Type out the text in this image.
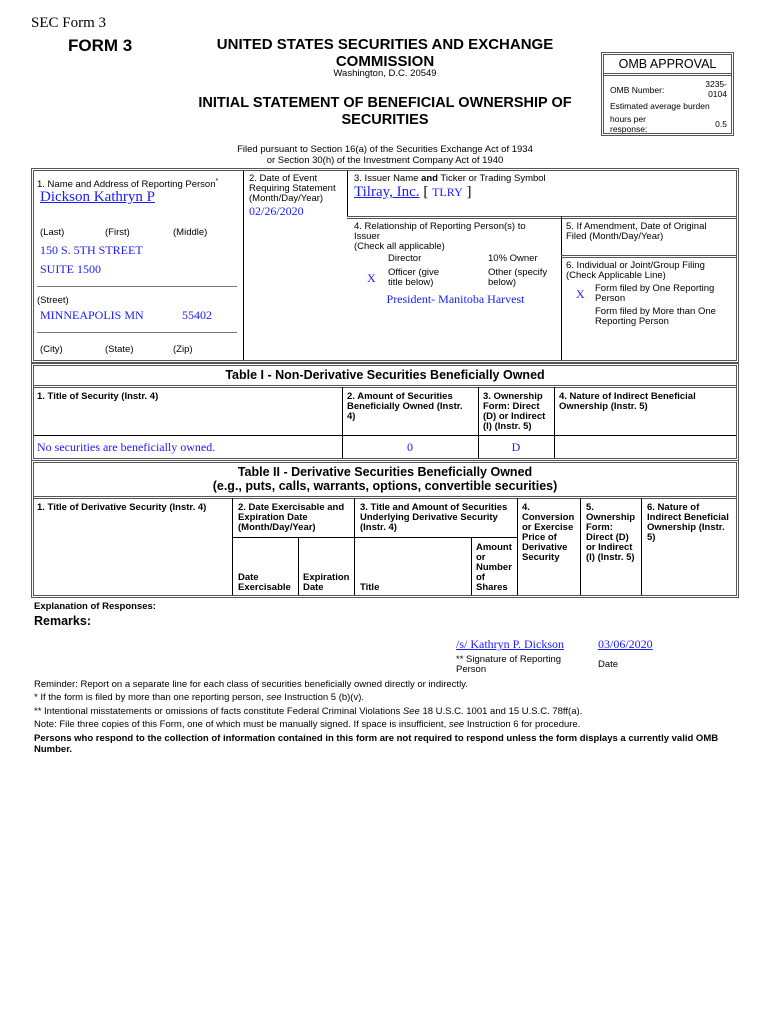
SEC Form 3
FORM 3	UNITED STATES SECURITIES AND EXCHANGE
COMMISSION
Washington, D.C. 20549
INITIAL STATEMENT OF BENEFICIAL OWNERSHIP OF
SECURITIES
Filed pursuant to Section 16(a) of the Securities Exchange Act of 1934
or Section 30(h) of the Investment Company Act of 1940
OMB APPROVAL
OMB Number:
3235-
0104
Estimated average burden
hours per
response:	0.5
1. Name and Address of Reporting Person*
Dickson Kathryn P
(Last)	(First)	(Middle)
150 S. 5TH STREET
SUITE 1500
(Street)
MINNEAPOLIS MN	55402
(City)	(State)	(Zip)
2. Date of Event
Requiring Statement
(Month/Day/Year)
02/26/2020
3. Issuer Name and Ticker or Trading Symbol
Tilray, Inc. [ TLRY ]
4. Relationship of Reporting Person(s) to
Issuer
(Check all applicable)
Director	10% Owner
X Officer (give
title below)
Other (specify
below)
President- Manitoba Harvest
5. If Amendment, Date of Original
Filed (Month/Day/Year)
6. Individual or Joint/Group Filing
(Check Applicable Line)
X Form filed by One Reporting
Person
Form filed by More than One
Reporting Person
Table I - Non-Derivative Securities Beneficially Owned
1. Title of Security (Instr. 4)	2. Amount of Securities
Beneficially Owned (Instr.
4)
3. Ownership
Form: Direct
(D) or Indirect
(I) (Instr. 5)
4. Nature of Indirect Beneficial
Ownership (Instr. 5)
No securities are beneficially owned.	0	D
Table II - Derivative Securities Beneficially Owned
(e.g., puts, calls, warrants, options, convertible securities)
1. Title of Derivative Security (Instr. 4)	2. Date Exercisable and
Expiration Date
(Month/Day/Year)
3. Title and Amount of Securities
Underlying Derivative Security
(Instr. 4)
4.
Conversion
or Exercise
Price of
Derivative
Security
5.
Ownership
Form:
Direct (D)
or Indirect
(I) (Instr. 5)
6. Nature of
Indirect Beneficial
Ownership (Instr.
5)
Date
Exercisable
Expiration
Date	Title
Amount
or
Number
of
Shares
Explanation of Responses:
Remarks:
/s/ Kathryn P. Dickson	03/06/2020
** Signature of Reporting
Person	Date
Reminder: Report on a separate line for each class of securities beneficially owned directly or indirectly.
* If the form is filed by more than one reporting person, see Instruction 5 (b)(v).
** Intentional misstatements or omissions of facts constitute Federal Criminal Violations See 18 U.S.C. 1001 and 15 U.S.C. 78ff(a).
Note: File three copies of this Form, one of which must be manually signed. If space is insufficient, see Instruction 6 for procedure.
Persons who respond to the collection of information contained in this form are not required to respond unless the form displays a currently valid OMB Number.
